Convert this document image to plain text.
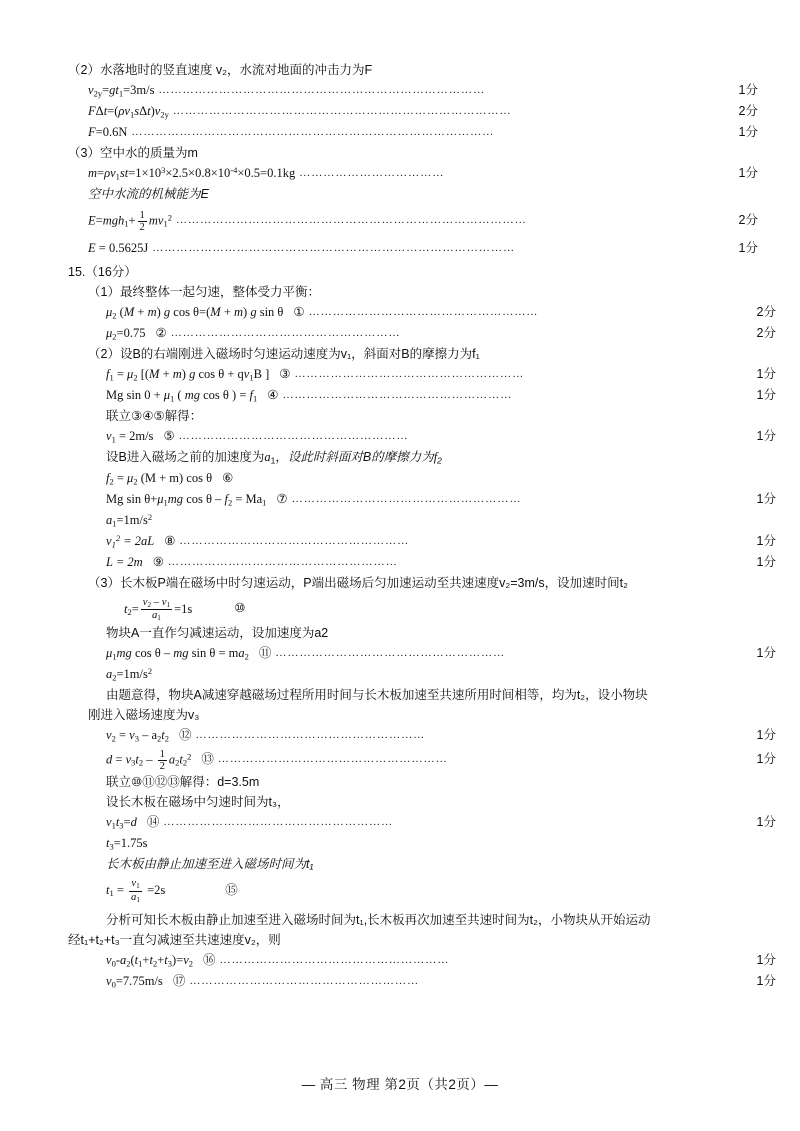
（2）水落地时的竖直速度 v₂，水流对地面的冲击力为F
$v_{2y}=gt_1=3m/s$ ………………………………………………………………………	1分
$F\Delta t=(\rho v_1s\Delta t)v_{2y}$ …………………………………………………………………………	2分
F=0.6N ………………………………………………………………………………	1分
（3）空中水的质量为m
$m=\rho v_1st=1\times 10^3\times 2.5\times 0.8\times 10^{-4}\times 0.5=0.1kg$ ………………………………	1分
空中水流的机械能为E
$E=mgh_1+ \frac{1}{2} mv_1^2$ ……………………………………………………………………………	2分
E = 0.5625J ………………………………………………………………………………	1分
15.（16分）
（1）最终整体一起匀速，整体受力平衡：
$\mu_2$ (M + m) g cos θ=(M + m) g sin θ ① …………………………………………………	2分
$\mu_2=0.75$ ② …………………………………………………	2分
（2）设B的右端刚进入磁场时匀速运动速度为v₁，斜面对B的摩擦力为f₁
$f_1 = \mu_2$ [(M + m) g $\cos \theta + qv_1B$ ] ③ …………………………………………………	1分
Mg $\sin 0 + \mu_1$ ( mg cos θ ) = $f_1$ ④ …………………………………………………	1分
联立③④⑤解得：
$v_1 = 2m/s$ ⑤ …………………………………………………	1分
设B进入磁场之前的加速度为$a_1$，设此时斜面对B的摩擦力为$f_2$
$f_2 = \mu_2$ (M + m) cos θ ⑥
Mg $\sin \theta+\mu_1mg$ $\cos \theta - f_2 = Ma_1$ ⑦ …………………………………………………	1分
$a_1=1m/s^2$
$v_1^2 = 2aL$ ⑧ …………………………………………………	1分
L = 2m ⑨ …………………………………………………	1分
（3）长木板P端在磁场中时匀速运动，P端出磁场后匀加速运动至共速速度v₂=3m/s，设加速时间t₂
$t_2= \frac{v_2 - v_1}{a_1} =1s$	⑩
物块A一直作匀减速运动，设加速度为a2
$\mu_1mg$ cos θ – mg $\sin \theta = ma_2$ ⑪ …………………………………………………	1分
$a_2=1m/s^2$
由题意得，物块A减速穿越磁场过程所用时间与长木板加速至共速所用时间相等，均为t₂，设小物块
刚进入磁场速度为v₃
$v_2 = v_3 - a_2t_2$ ⑫ …………………………………………………	1分
$d = v_3t_2 - \frac{1}{2} a_2t_2^2$ ⑬ …………………………………………………	1分
联立⑩⑪⑫⑬解得：d=3.5m
设长木板在磁场中匀速时间为t₃，
$v_1t_3=d$ ⑭ …………………………………………………	1分
$t_3=1.75s$
长木板由静止加速至进入磁场时间为t₁
$t_1 = \frac{v_1}{a_1} =2s$	⑮
分析可知长木板由静止加速至进入磁场时间为t₁,长木板再次加速至共速时间为t₂，小物块从开始运动
经t₁+t₂+t₃一直匀减速至共速速度v₂，则
$v_0-a_2(t_1+t_2+t_3)=v_2$ ⑯ …………………………………………………	1分
$v_0=7.75m/s$ ⑰ …………………………………………………	1分
— 高三 物理 第2页（共2页）—
